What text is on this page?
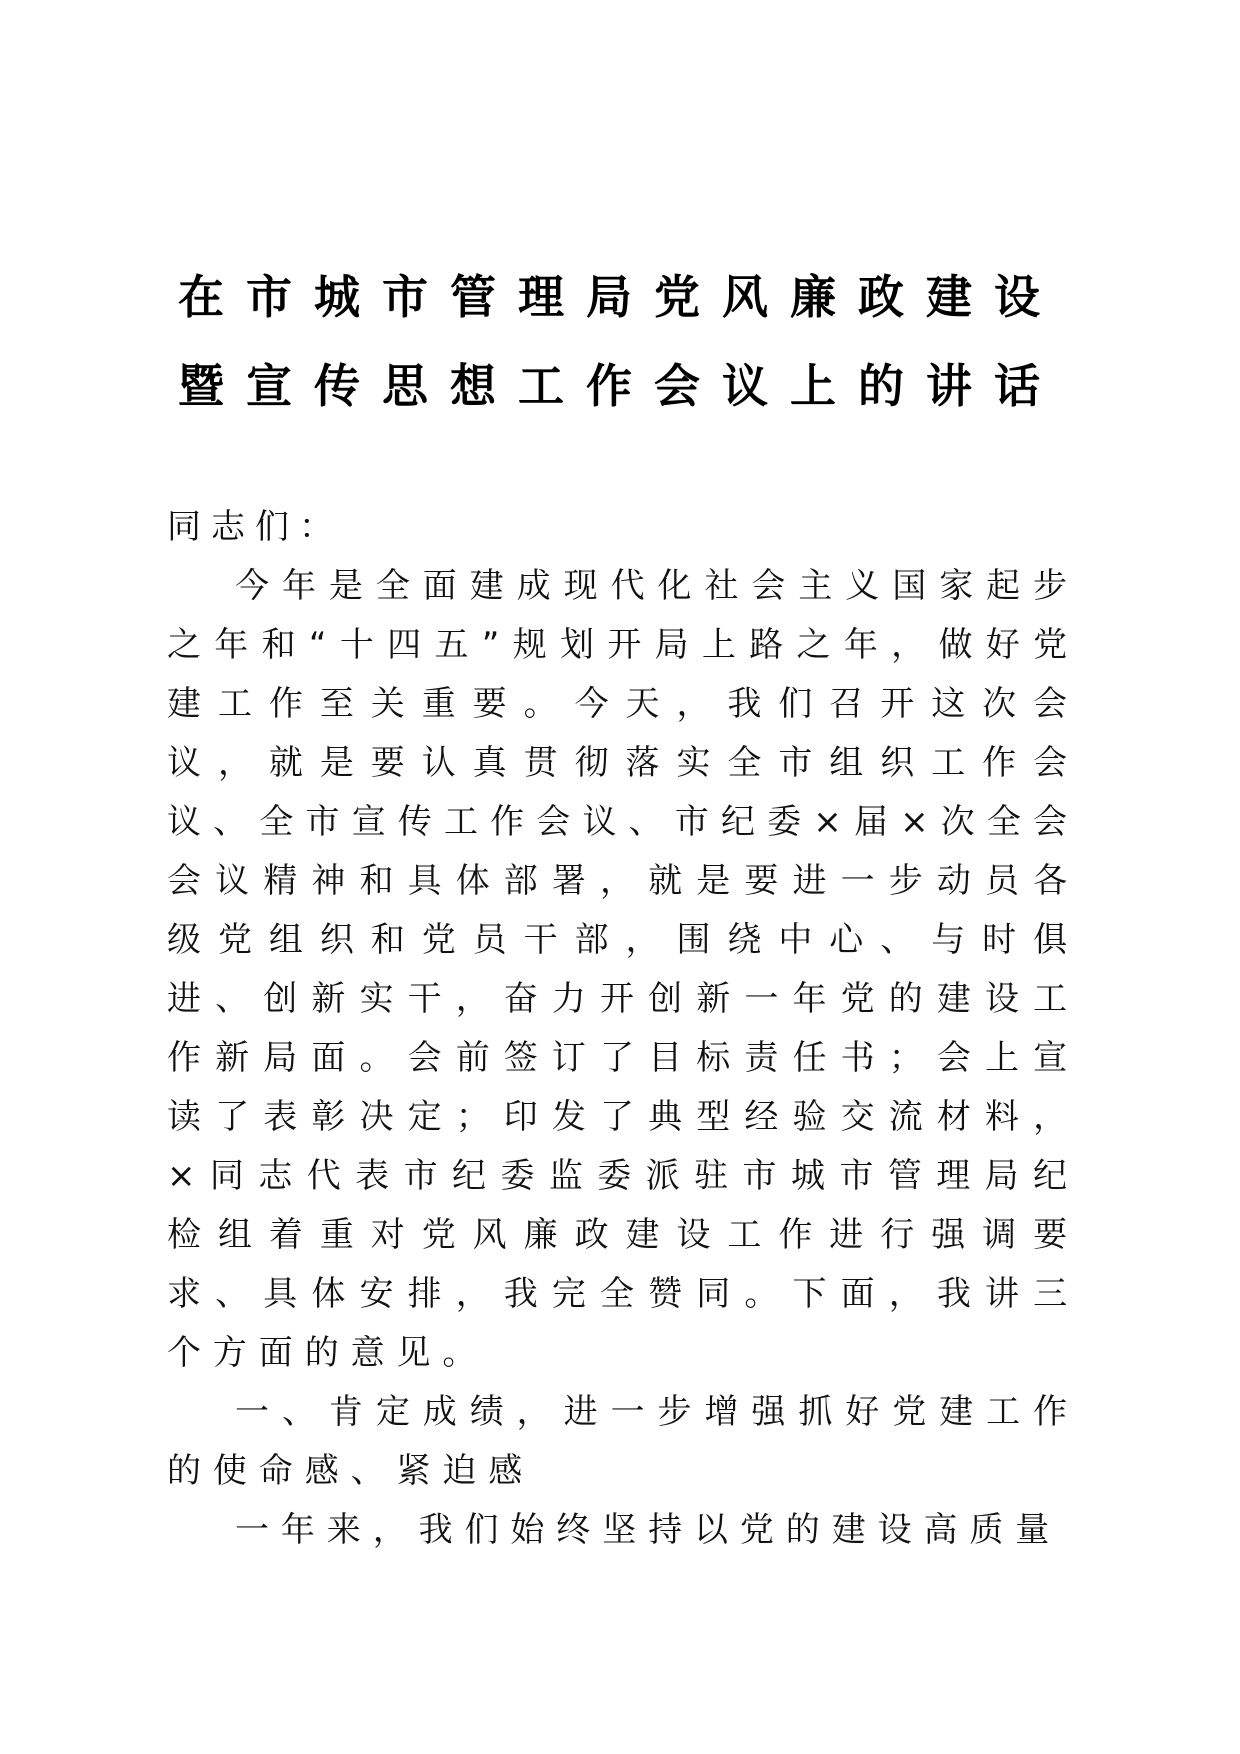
在市城市管理局党风廉政建设
暨宣传思想工作会议上的讲话
同志们：

今年是全面建成现代化社会主义国家起步之年和“十四五”规划开局上路之年，做好党建工作至关重要。今天，我们召开这次会议，就是要认真贯彻落实全市组织工作会议、全市宣传工作会议、市纪委×届×次全会会议精神和具体部署，就是要进一步动员各级党组织和党员干部，围绕中心、与时俱进、创新实干，奋力开创新一年党的建设工作新局面。会前签订了目标责任书；会上宣读了表彰决定；印发了典型经验交流材料，×同志代表市纪委监委派驻市城市管理局纪检组着重对党风廉政建设工作进行强调要求、具体安排，我完全赞同。下面，我讲三个方面的意见。

一、肯定成绩，进一步增强抓好党建工作的使命感、紧迫感

一年来，我们始终坚持以党的建设高质量
